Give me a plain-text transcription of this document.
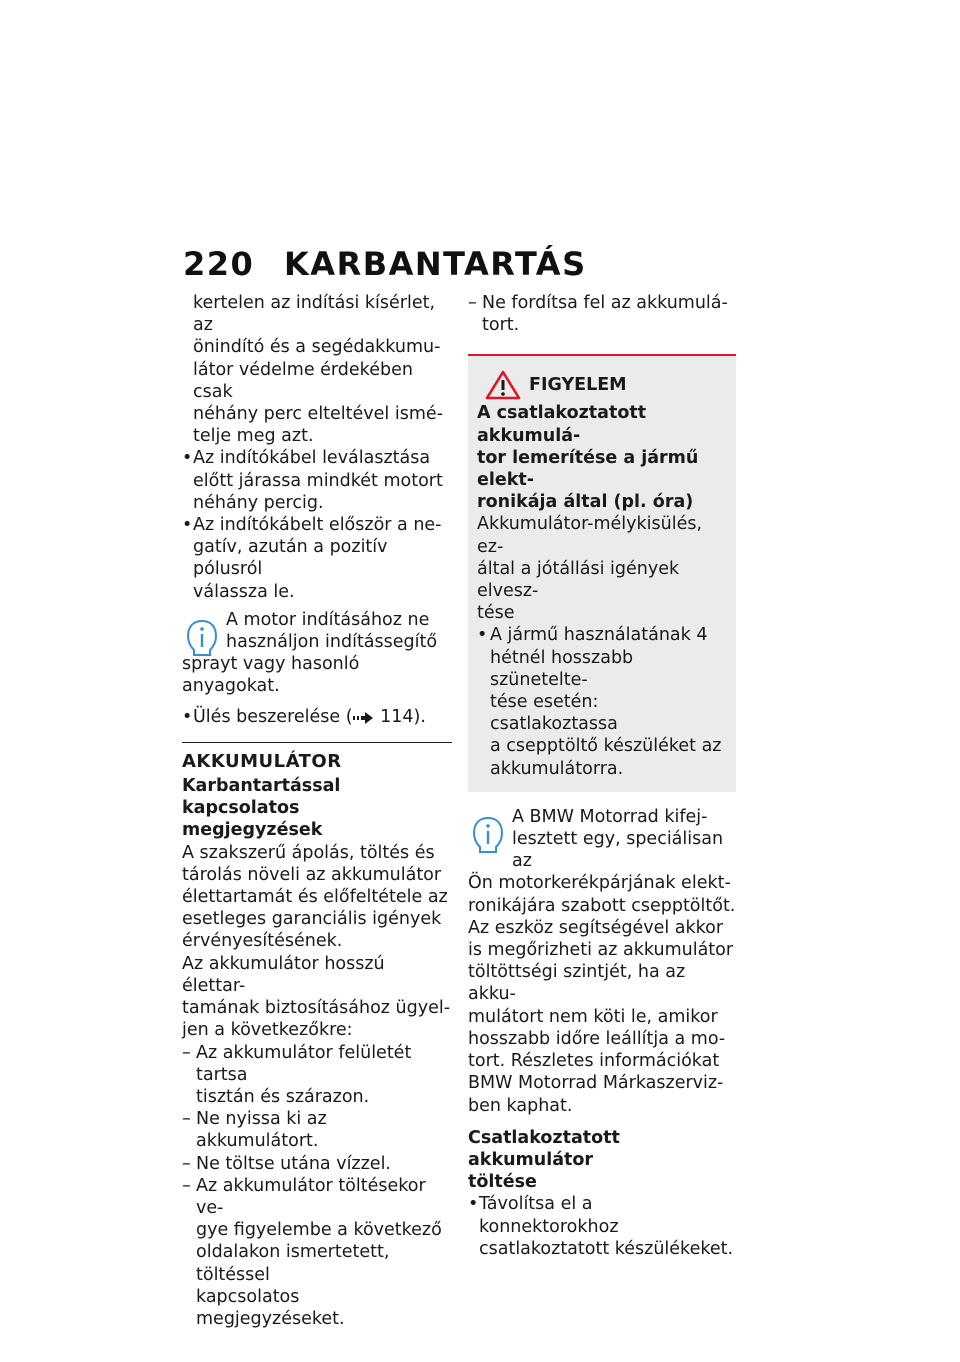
220 KARBANTARTÁS

kertelen az indítási kísérlet, az

önindító és a segédakkumu-

látor védelme érdekében csak

néhány perc elteltével ismé-

telje meg azt.

• Az indítókábel leválasztása

előtt járassa mindkét motort

néhány percig.

• Az indítókábelt először a ne-

gatív, azután a pozitív pólusról

válassza le.

A motor indításához ne

használjon indítássegítő

sprayt vagy hasonló anyagokat.

• Ülés beszerelése ( 114).

AKKUMULÁTOR

Karbantartással kapcsolatos

megjegyzések

A szakszerű ápolás, töltés és

tárolás növeli az akkumulátor

élettartamát és előfeltétele az

esetleges garanciális igények

érvényesítésének.

Az akkumulátor hosszú élettar-

tamának biztosításához ügyel-

jen a következőkre:

– Az akkumulátor felületét tartsa

tisztán és szárazon.

– Ne nyissa ki az akkumulátort.

– Ne töltse utána vízzel.

– Az akkumulátor töltésekor ve-

gye figyelembe a következő

oldalakon ismertetett, töltéssel

kapcsolatos megjegyzéseket.

– Ne fordítsa fel az akkumulá-

tort.

FIGYELEM

A csatlakoztatott akkumulá-

tor lemerítése a jármű elekt-

ronikája által (pl. óra)

Akkumulátor-mélykisülés, ez-

által a jótállási igények elvesz-

tése

• A jármű használatának 4

hétnél hosszabb szünetelte-

tése esetén: csatlakoztassa

a csepptöltő készüléket az

akkumulátorra.

A BMW Motorrad kifej-

lesztett egy, speciálisan az

Ön motorkerékpárjának elekt-

ronikájára szabott csepptöltőt.

Az eszköz segítségével akkor

is megőrizheti az akkumulátor

töltöttségi szintjét, ha az akku-

mulátort nem köti le, amikor

hosszabb időre leállítja a mo-

tort. Részletes információkat

BMW Motorrad Márkaszerviz-

ben kaphat.

Csatlakoztatott akkumulátor

töltése

• Távolítsa el a konnektorokhoz

csatlakoztatott készülékeket.
